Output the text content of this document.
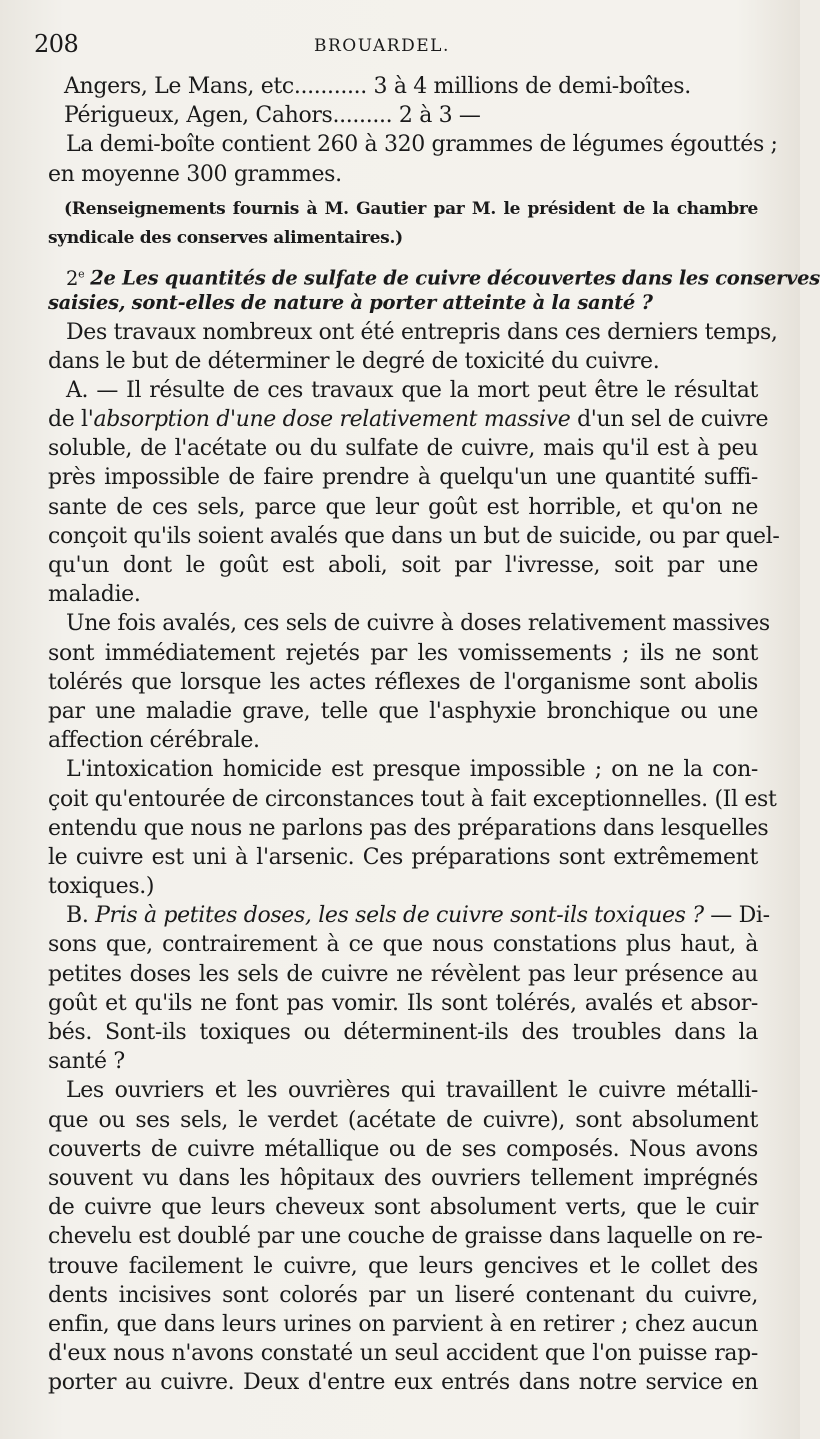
208	BROUARDEL.
Angers, Le Mans, etc........... 3 à 4 millions de demi-boîtes.
Périgueux, Agen, Cahors......... 2 à 3 —
La demi-boîte contient 260 à 320 grammes de légumes égouttés ;
en moyenne 300 grammes.
(Renseignements fournis à M. Gautier par M. le président de la chambre
syndicale des conserves alimentaires.)
2e 2e Les quantités de sulfate de cuivre découvertes dans les conserves
saisies, sont-elles de nature à porter atteinte à la santé ?
Des travaux nombreux ont été entrepris dans ces derniers temps,
dans le but de déterminer le degré de toxicité du cuivre.
A. — Il résulte de ces travaux que la mort peut être le résultat
de l'absorption d'une dose relativement massive d'un sel de cuivre
soluble, de l'acétate ou du sulfate de cuivre, mais qu'il est à peu
près impossible de faire prendre à quelqu'un une quantité suffi-
sante de ces sels, parce que leur goût est horrible, et qu'on ne
conçoit qu'ils soient avalés que dans un but de suicide, ou par quel-
qu'un dont le goût est aboli, soit par l'ivresse, soit par une
maladie.
Une fois avalés, ces sels de cuivre à doses relativement massives
sont immédiatement rejetés par les vomissements ; ils ne sont
tolérés que lorsque les actes réflexes de l'organisme sont abolis
par une maladie grave, telle que l'asphyxie bronchique ou une
affection cérébrale.
L'intoxication homicide est presque impossible ; on ne la con-
çoit qu'entourée de circonstances tout à fait exceptionnelles. (Il est
entendu que nous ne parlons pas des préparations dans lesquelles
le cuivre est uni à l'arsenic. Ces préparations sont extrêmement
toxiques.)
B. Pris à petites doses, les sels de cuivre sont-ils toxiques ? — Di-
sons que, contrairement à ce que nous constations plus haut, à
petites doses les sels de cuivre ne révèlent pas leur présence au
goût et qu'ils ne font pas vomir. Ils sont tolérés, avalés et absor-
bés. Sont-ils toxiques ou déterminent-ils des troubles dans la
santé ?
Les ouvriers et les ouvrières qui travaillent le cuivre métalli-
que ou ses sels, le verdet (acétate de cuivre), sont absolument
couverts de cuivre métallique ou de ses composés. Nous avons
souvent vu dans les hôpitaux des ouvriers tellement imprégnés
de cuivre que leurs cheveux sont absolument verts, que le cuir
chevelu est doublé par une couche de graisse dans laquelle on re-
trouve facilement le cuivre, que leurs gencives et le collet des
dents incisives sont colorés par un liseré contenant du cuivre,
enfin, que dans leurs urines on parvient à en retirer ; chez aucun
d'eux nous n'avons constaté un seul accident que l'on puisse rap-
porter au cuivre. Deux d'entre eux entrés dans notre service en
